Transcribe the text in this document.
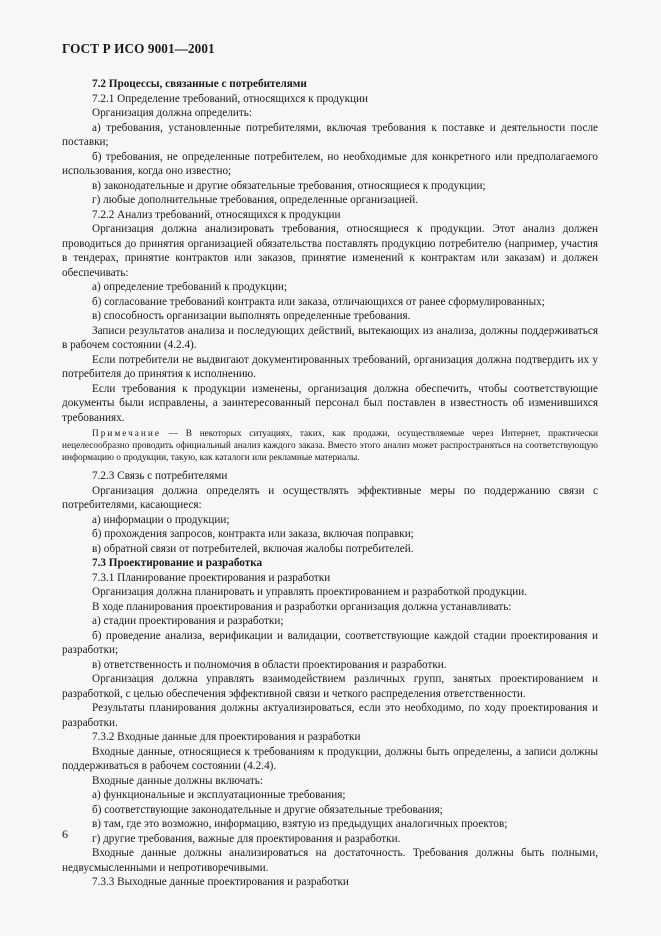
ГОСТ Р ИСО 9001—2001

7.2 Процессы, связанные с потребителями

7.2.1 Определение требований, относящихся к продукции

Организация должна определить:

а) требования, установленные потребителями, включая требования к поставке и деятельности после поставки;

б) требования, не определенные потребителем, но необходимые для конкретного или предполагаемого использования, когда оно известно;

в) законодательные и другие обязательные требования, относящиеся к продукции;

г) любые дополнительные требования, определенные организацией.

7.2.2 Анализ требований, относящихся к продукции

Организация должна анализировать требования, относящиеся к продукции. Этот анализ должен проводиться до принятия организацией обязательства поставлять продукцию потребителю (например, участия в тендерах, принятие контрактов или заказов, принятие изменений к контрактам или заказам) и должен обеспечивать:

а) определение требований к продукции;

б) согласование требований контракта или заказа, отличающихся от ранее сформулированных;

в) способность организации выполнять определенные требования.

Записи результатов анализа и последующих действий, вытекающих из анализа, должны поддерживаться в рабочем состоянии (4.2.4).

Если потребители не выдвигают документированных требований, организация должна подтвердить их у потребителя до принятия к исполнению.

Если требования к продукции изменены, организация должна обеспечить, чтобы соответствующие документы были исправлены, а заинтересованный персонал был поставлен в известность об изменившихся требованиях.

Примечание — В некоторых ситуациях, таких, как продажи, осуществляемые через Интернет, практически нецелесообразно проводить официальный анализ каждого заказа. Вместо этого анализ может распространяться на соответствующую информацию о продукции, такую, как каталоги или рекламные материалы.

7.2.3 Связь с потребителями

Организация должна определять и осуществлять эффективные меры по поддержанию связи с потребителями, касающиеся:

а) информации о продукции;

б) прохождения запросов, контракта или заказа, включая поправки;

в) обратной связи от потребителей, включая жалобы потребителей.

7.3 Проектирование и разработка

7.3.1 Планирование проектирования и разработки

Организация должна планировать и управлять проектированием и разработкой продукции.

В ходе планирования проектирования и разработки организация должна устанавливать:

а) стадии проектирования и разработки;

б) проведение анализа, верификации и валидации, соответствующие каждой стадии проектирования и разработки;

в) ответственность и полномочия в области проектирования и разработки.

Организация должна управлять взаимодействием различных групп, занятых проектированием и разработкой, с целью обеспечения эффективной связи и четкого распределения ответственности.

Результаты планирования должны актуализироваться, если это необходимо, по ходу проектирования и разработки.

7.3.2 Входные данные для проектирования и разработки

Входные данные, относящиеся к требованиям к продукции, должны быть определены, а записи должны поддерживаться в рабочем состоянии (4.2.4).

Входные данные должны включать:

а) функциональные и эксплуатационные требования;

б) соответствующие законодательные и другие обязательные требования;

в) там, где это возможно, информацию, взятую из предыдущих аналогичных проектов;

г) другие требования, важные для проектирования и разработки.

Входные данные должны анализироваться на достаточность. Требования должны быть полными, недвусмысленными и непротиворечивыми.

7.3.3 Выходные данные проектирования и разработки

6
